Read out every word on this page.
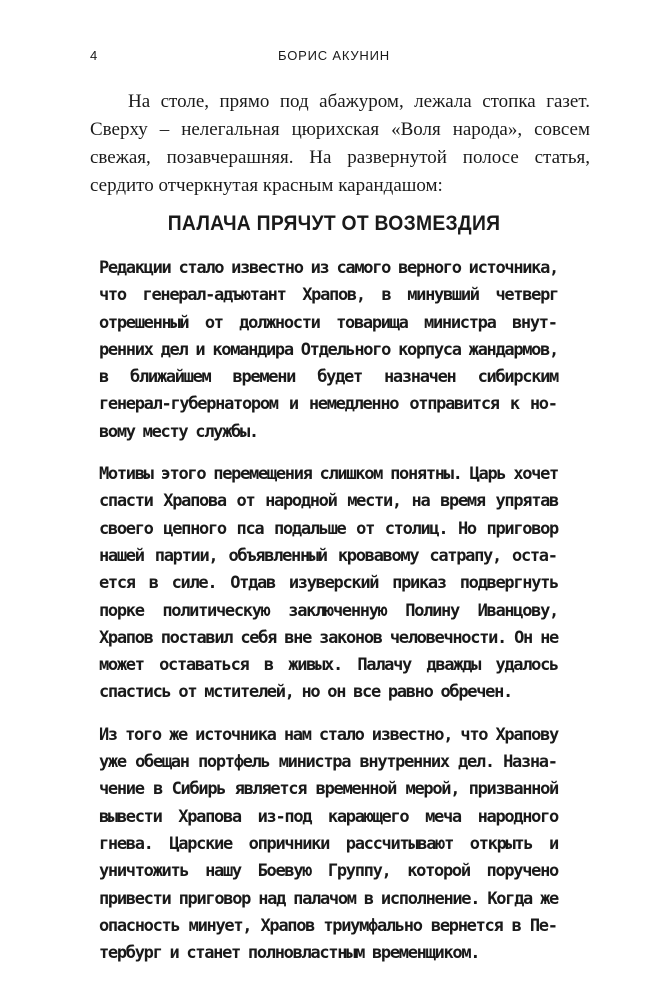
4	БОРИС АКУНИН

На столе, прямо под абажуром, лежала стопка газет. Сверху – нелегальная цюрихская «Воля народа», совсем свежая, позавчерашняя. На развернутой полосе статья, сердито отчеркнутая красным карандашом:

ПАЛАЧА ПРЯЧУТ ОТ ВОЗМЕЗДИЯ

Редакции стало известно из самого верного источника, что генерал-адъютант Храпов, в минувший четверг отрешенный от должности товарища министра внутренних дел и командира Отдельного корпуса жандармов, в ближайшем времени будет назначен сибирским генерал-губернатором и немедленно отправится к новому месту службы.

Мотивы этого перемещения слишком понятны. Царь хочет спасти Храпова от народной мести, на время упрятав своего цепного пса подальше от столиц. Но приговор нашей партии, объявленный кровавому сатрапу, остается в силе. Отдав изуверский приказ подвергнуть порке политическую заключенную Полину Иванцову, Храпов поставил себя вне законов человечности. Он не может оставаться в живых. Палачу дважды удалось спастись от мстителей, но он все равно обречен.

Из того же источника нам стало известно, что Храпову уже обещан портфель министра внутренних дел. Назначение в Сибирь является временной мерой, призванной вывести Храпова из-под карающего меча народного гнева. Царские опричники рассчитывают открыть и уничтожить нашу Боевую Группу, которой поручено привести приговор над палачом в исполнение. Когда же опасность минует, Храпов триумфально вернется в Петербург и станет полновластным временщиком.
